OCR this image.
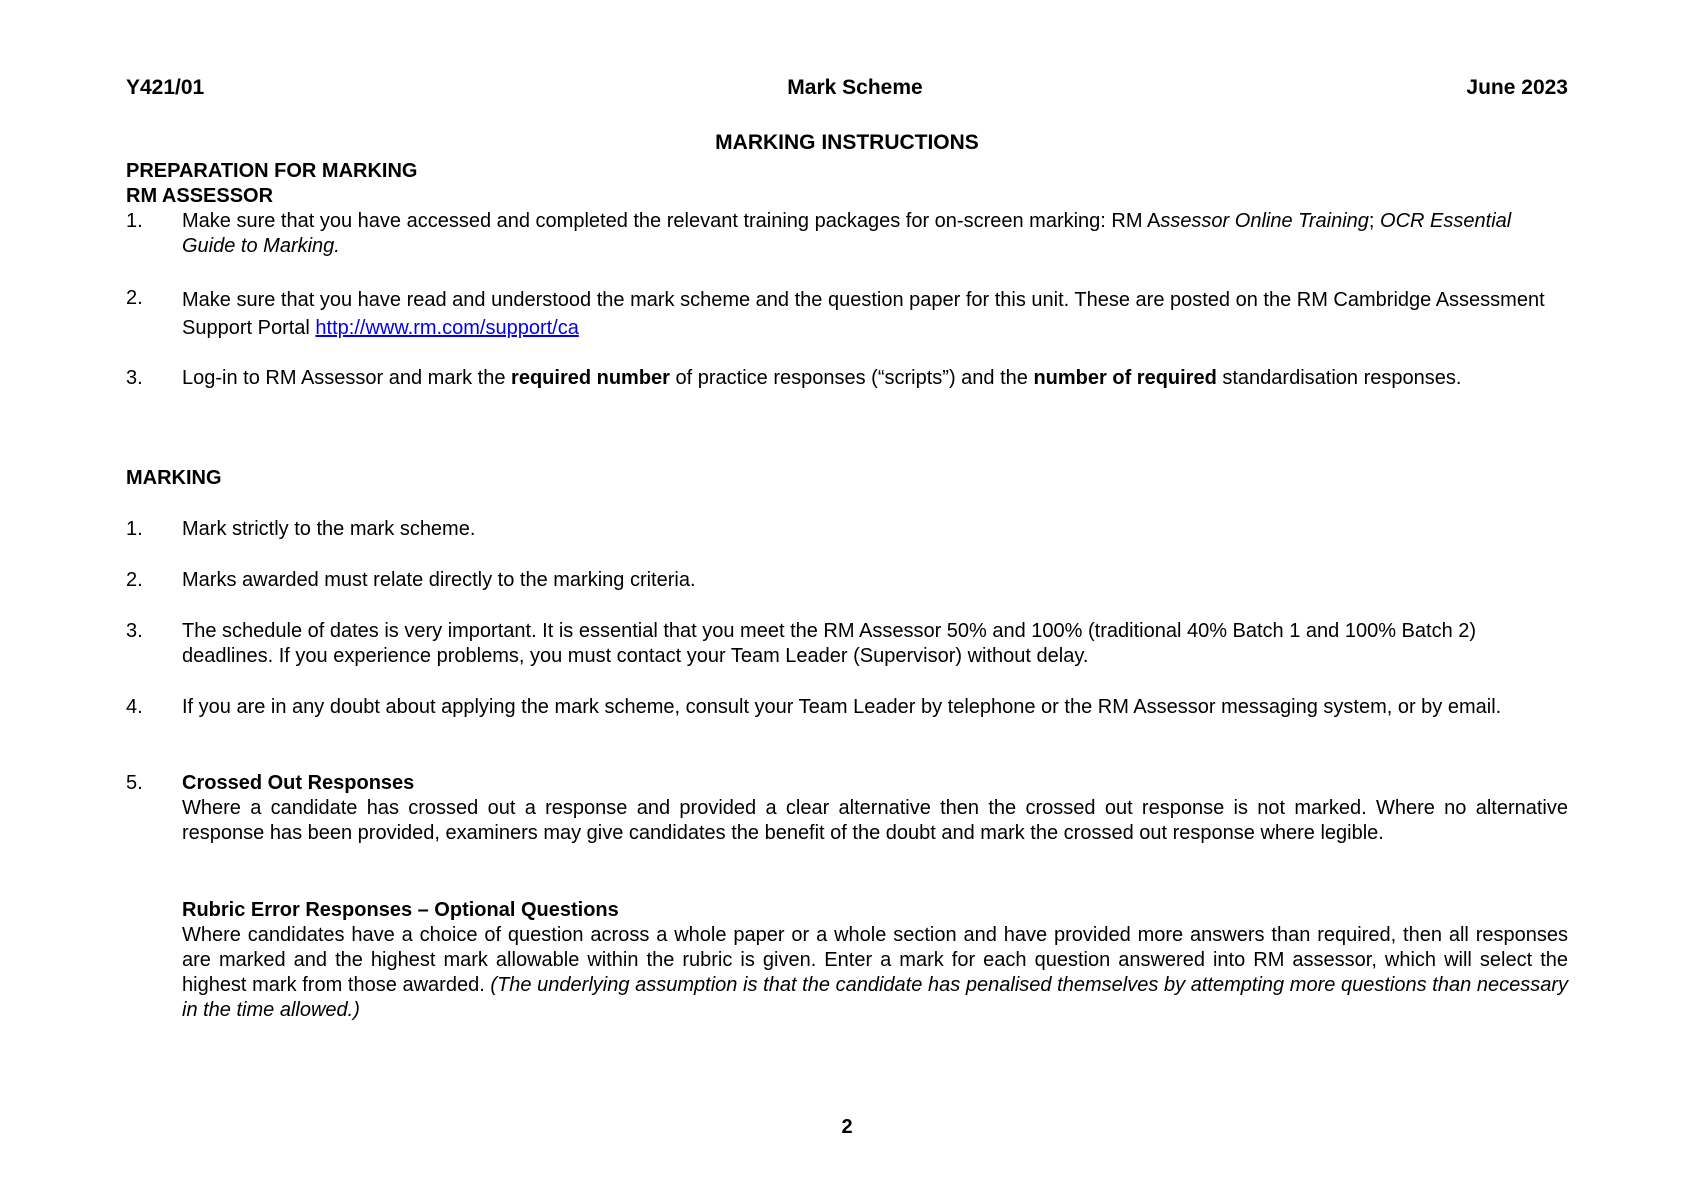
Y421/01	Mark Scheme	June 2023
MARKING INSTRUCTIONS
PREPARATION FOR MARKING
RM ASSESSOR
1. Make sure that you have accessed and completed the relevant training packages for on-screen marking: RM Assessor Online Training; OCR Essential Guide to Marking.
2. Make sure that you have read and understood the mark scheme and the question paper for this unit. These are posted on the RM Cambridge Assessment Support Portal http://www.rm.com/support/ca
3. Log-in to RM Assessor and mark the required number of practice responses (“scripts”) and the number of required standardisation responses.
MARKING
1. Mark strictly to the mark scheme.
2. Marks awarded must relate directly to the marking criteria.
3. The schedule of dates is very important. It is essential that you meet the RM Assessor 50% and 100% (traditional 40% Batch 1 and 100% Batch 2) deadlines. If you experience problems, you must contact your Team Leader (Supervisor) without delay.
4. If you are in any doubt about applying the mark scheme, consult your Team Leader by telephone or the RM Assessor messaging system, or by email.
5. Crossed Out Responses
Where a candidate has crossed out a response and provided a clear alternative then the crossed out response is not marked. Where no alternative response has been provided, examiners may give candidates the benefit of the doubt and mark the crossed out response where legible.
Rubric Error Responses – Optional Questions
Where candidates have a choice of question across a whole paper or a whole section and have provided more answers than required, then all responses are marked and the highest mark allowable within the rubric is given. Enter a mark for each question answered into RM assessor, which will select the highest mark from those awarded. (The underlying assumption is that the candidate has penalised themselves by attempting more questions than necessary in the time allowed.)
2
